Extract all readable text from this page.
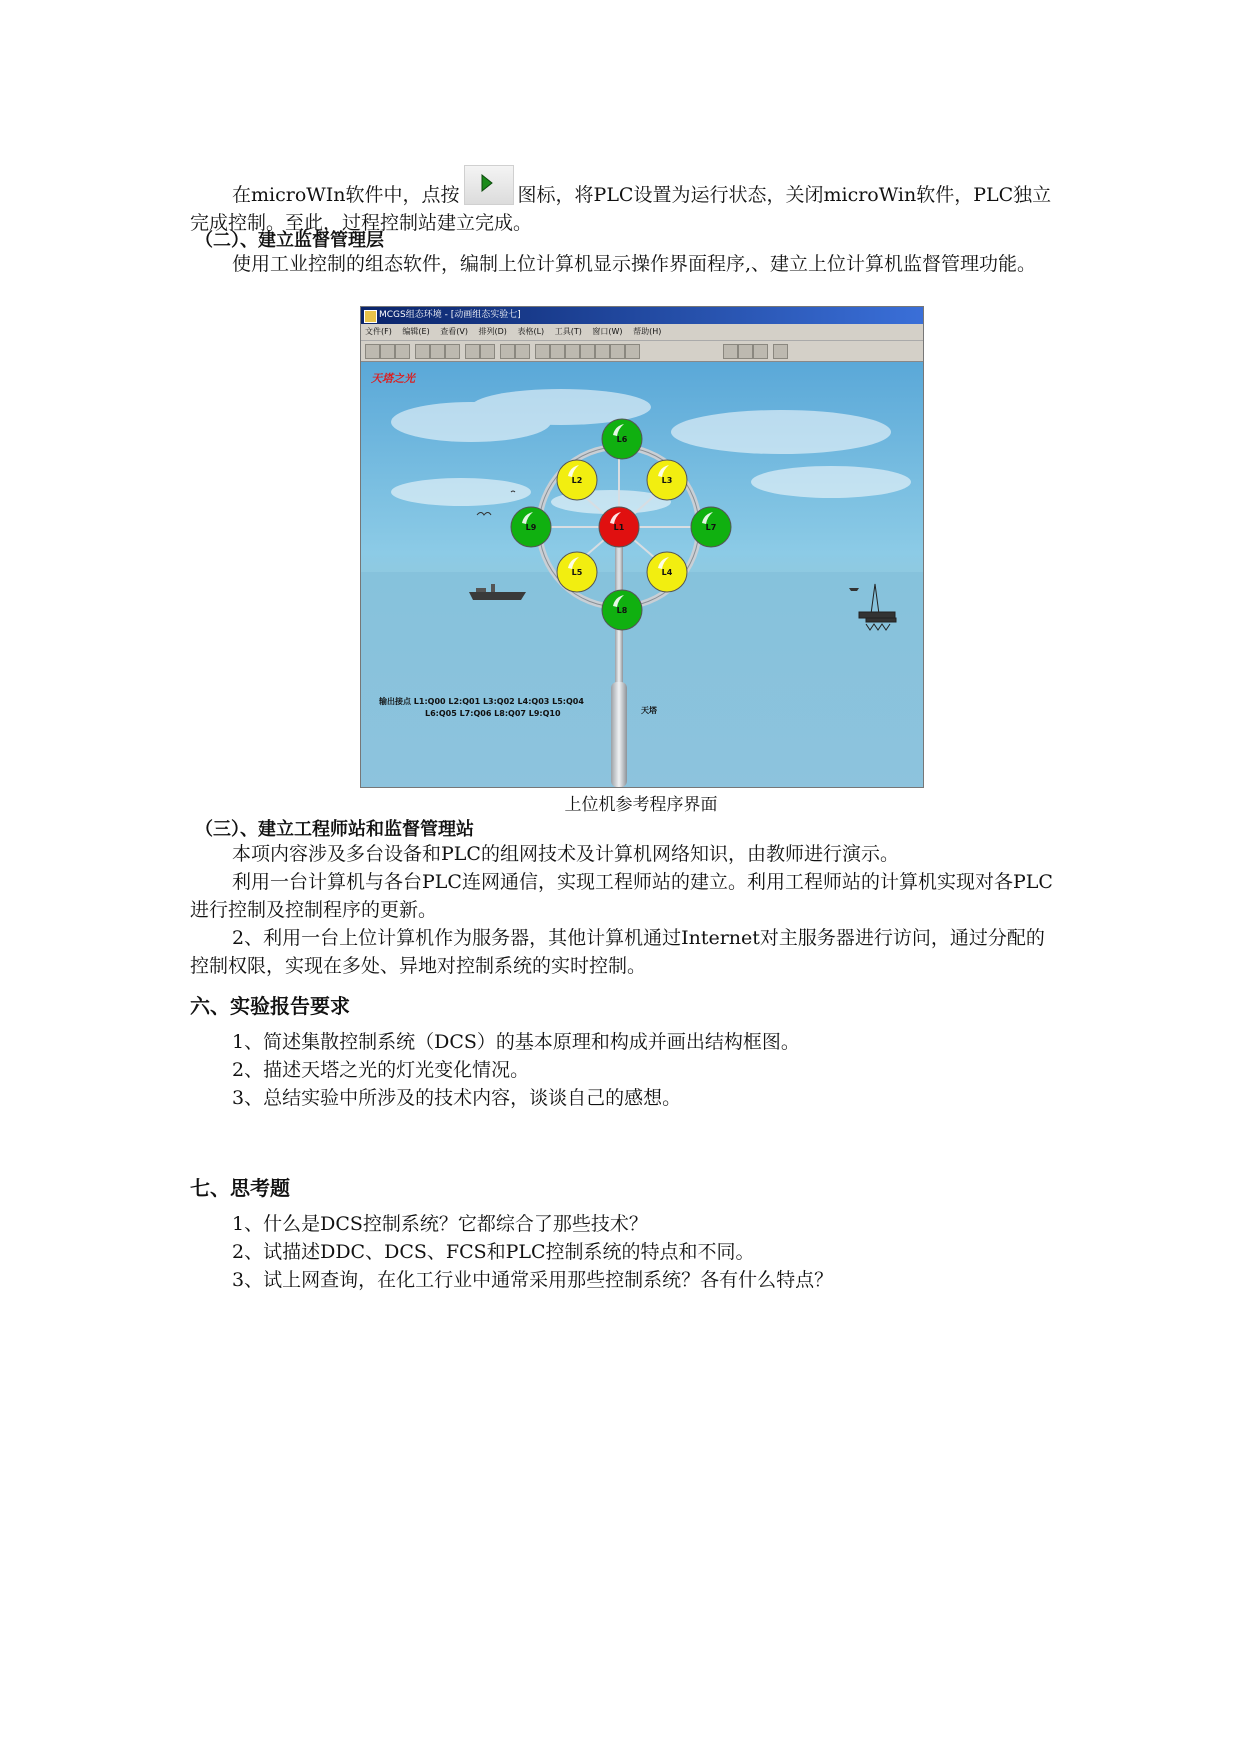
在microWIn软件中，点按	图标，将PLC设置为运行状态，关闭microWin软件，PLC独立完成控制。至此，过程控制站建立完成。

（二）、建立监督管理层

使用工业控制的组态软件，编制上位计算机显示操作界面程序,、建立上位计算机监督管理功能。

MCGS组态环境 - [动画组态实验七]
文件(F) 编辑(E) 查看(V) 排列(D) 表格(L) 工具(T) 窗口(W) 帮助(H)
L1
L2	L3
L4
L5
L6
L7
L8
L9
天塔之光
输出接点 L1:Q00 L2:Q01 L3:Q02 L4:Q03 L5:Q04
L6:Q05 L7:Q06 L8:Q07 L9:Q10	天塔

上位机参考程序界面

（三）、建立工程师站和监督管理站

本项内容涉及多台设备和PLC的组网技术及计算机网络知识，由教师进行演示。

利用一台计算机与各台PLC连网通信，实现工程师站的建立。利用工程师站的计算机实现对各PLC进行控制及控制程序的更新。

2、利用一台上位计算机作为服务器，其他计算机通过Internet对主服务器进行访问，通过分配的控制权限，实现在多处、异地对控制系统的实时控制。

六、实验报告要求

1、简述集散控制系统（DCS）的基本原理和构成并画出结构框图。

2、描述天塔之光的灯光变化情况。

3、总结实验中所涉及的技术内容，谈谈自己的感想。

七、思考题

1、什么是DCS控制系统？它都综合了那些技术？

2、试描述DDC、DCS、FCS和PLC控制系统的特点和不同。

3、试上网查询，在化工行业中通常采用那些控制系统？各有什么特点？
